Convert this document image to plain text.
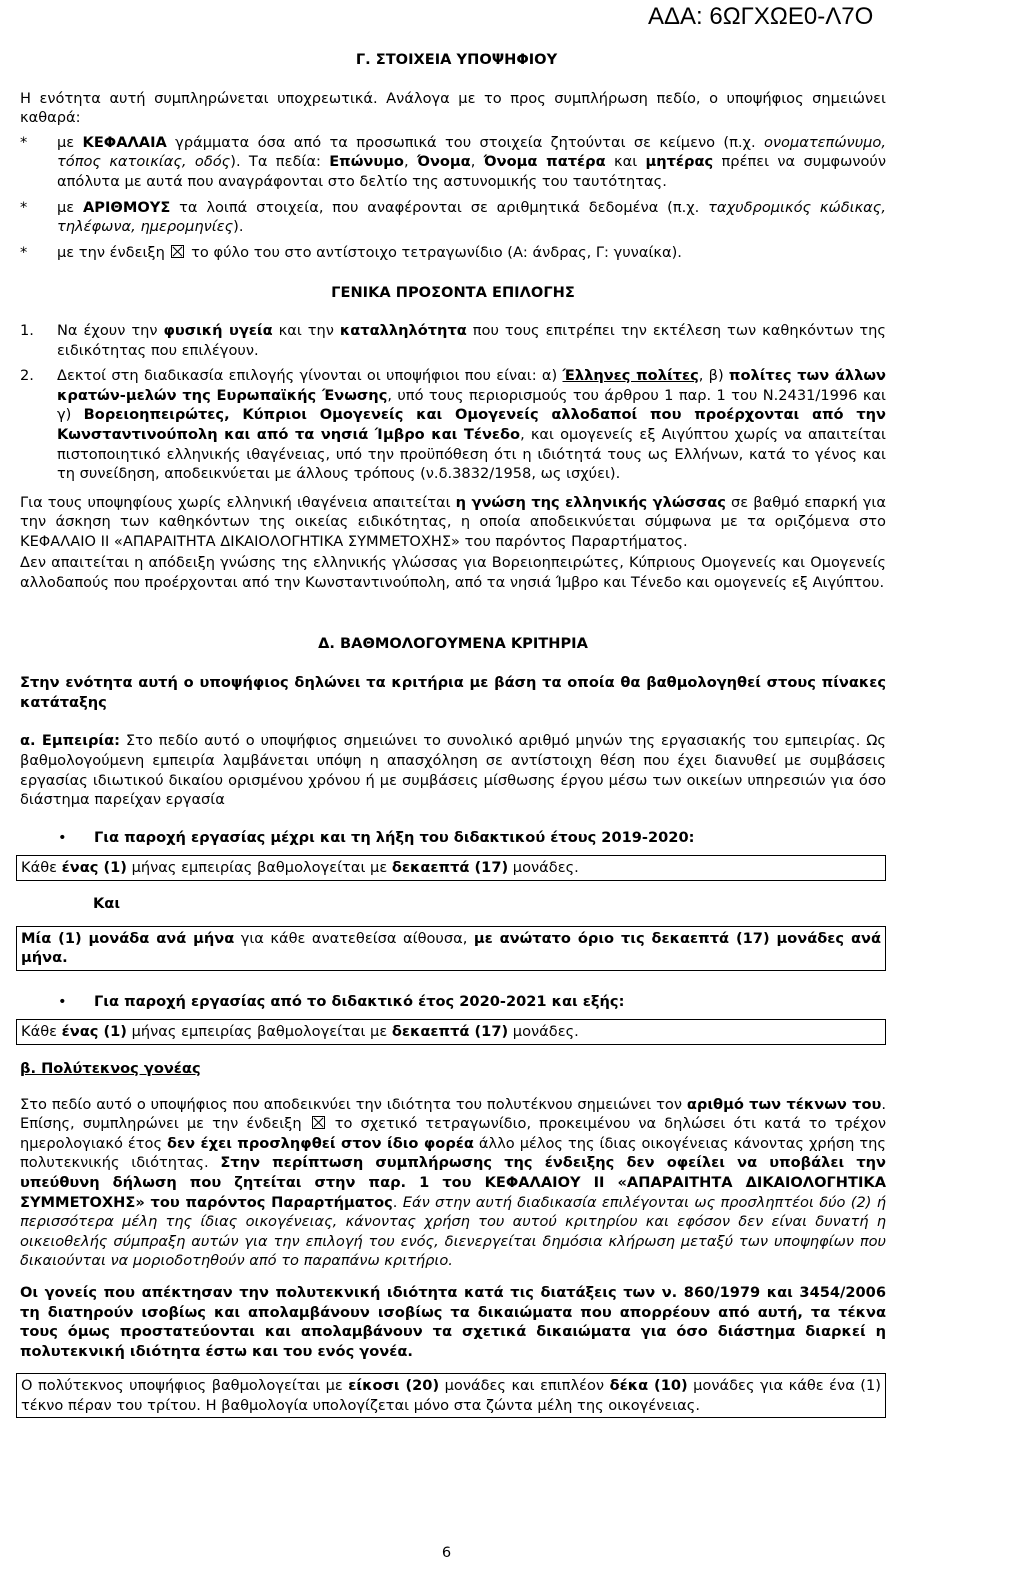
ΑΔΑ: 6ΩΓΧΩΕ0-Λ7Ο

Γ. ΣΤΟΙΧΕΙΑ ΥΠΟΨΗΦΙΟΥ

Η ενότητα αυτή συμπληρώνεται υποχρεωτικά. Ανάλογα με το προς συμπλήρωση πεδίο, ο υποψήφιος σημειώνει καθαρά:

* με ΚΕΦΑΛΑΙΑ γράμματα όσα από τα προσωπικά του στοιχεία ζητούνται σε κείμενο (π.χ. ονοματεπώνυμο, τόπος κατοικίας, οδός). Τα πεδία: Επώνυμο, Όνομα, Όνομα πατέρα και μητέρας πρέπει να συμφωνούν απόλυτα με αυτά που αναγράφονται στο δελτίο της αστυνομικής του ταυτότητας.
* με ΑΡΙΘΜΟΥΣ τα λοιπά στοιχεία, που αναφέρονται σε αριθμητικά δεδομένα (π.χ. ταχυδρομικός κώδικας, τηλέφωνα, ημερομηνίες).
* με την ένδειξη  το φύλο του στο αντίστοιχο τετραγωνίδιο (Α: άνδρας, Γ: γυναίκα).

ΓΕΝΙΚΑ ΠΡΟΣΟΝΤΑ ΕΠΙΛΟΓΗΣ

1. Να έχουν την φυσική υγεία και την καταλληλότητα που τους επιτρέπει την εκτέλεση των καθηκόντων της ειδικότητας που επιλέγουν.
2. Δεκτοί στη διαδικασία επιλογής γίνονται οι υποψήφιοι που είναι: α) Έλληνες πολίτες, β) πολίτες των άλλων κρατών-μελών της Ευρωπαϊκής Ένωσης, υπό τους περιορισμούς του άρθρου 1 παρ. 1 του Ν.2431/1996 και γ) Βορειοηπειρώτες, Κύπριοι Ομογενείς και Ομογενείς αλλοδαποί που προέρχονται από την Κωνσταντινούπολη και από τα νησιά Ίμβρο και Τένεδο, και ομογενείς εξ Αιγύπτου χωρίς να απαιτείται πιστοποιητικό ελληνικής ιθαγένειας, υπό την προϋπόθεση ότι η ιδιότητά τους ως Ελλήνων, κατά το γένος και τη συνείδηση, αποδεικνύεται με άλλους τρόπους (ν.δ.3832/1958, ως ισχύει).

Για τους υποψηφίους χωρίς ελληνική ιθαγένεια απαιτείται η γνώση της ελληνικής γλώσσας σε βαθμό επαρκή για την άσκηση των καθηκόντων της οικείας ειδικότητας, η οποία αποδεικνύεται σύμφωνα με τα οριζόμενα στο ΚΕΦΑΛΑΙΟ ΙΙ «ΑΠΑΡΑΙΤΗΤΑ ΔΙΚΑΙΟΛΟΓΗΤΙΚΑ ΣΥΜΜΕΤΟΧΗΣ» του παρόντος Παραρτήματος.

Δεν απαιτείται η απόδειξη γνώσης της ελληνικής γλώσσας για Βορειοηπειρώτες, Κύπριους Ομογενείς και Ομογενείς αλλοδαπούς που προέρχονται από την Κωνσταντινούπολη, από τα νησιά Ίμβρο και Τένεδο και ομογενείς εξ Αιγύπτου.

Δ. ΒΑΘΜΟΛΟΓΟΥΜΕΝΑ ΚΡΙΤΗΡΙΑ

Στην ενότητα αυτή ο υποψήφιος δηλώνει τα κριτήρια με βάση τα οποία θα βαθμολογηθεί στους πίνακες κατάταξης

α. Εμπειρία: Στο πεδίο αυτό ο υποψήφιος σημειώνει το συνολικό αριθμό μηνών της εργασιακής του εμπειρίας. Ως βαθμολογούμενη εμπειρία λαμβάνεται υπόψη η απασχόληση σε αντίστοιχη θέση που έχει διανυθεί με συμβάσεις εργασίας ιδιωτικού δικαίου ορισμένου χρόνου ή με συμβάσεις μίσθωσης έργου μέσω των οικείων υπηρεσιών για όσο διάστημα παρείχαν εργασία

• Για παροχή εργασίας μέχρι και τη λήξη του διδακτικού έτους 2019-2020:
Κάθε ένας (1) μήνας εμπειρίας βαθμολογείται με δεκαεπτά (17) μονάδες.

Και

Μία (1) μονάδα ανά μήνα για κάθε ανατεθείσα αίθουσα, με ανώτατο όριο τις δεκαεπτά (17) μονάδες ανά μήνα.
• Για παροχή εργασίας από το διδακτικό έτος 2020-2021 και εξής:
Κάθε ένας (1) μήνας εμπειρίας βαθμολογείται με δεκαεπτά (17) μονάδες.

β. Πολύτεκνος γονέας

Στο πεδίο αυτό ο υποψήφιος που αποδεικνύει την ιδιότητα του πολυτέκνου σημειώνει τον αριθμό των τέκνων του. Επίσης, συμπληρώνει με την ένδειξη  το σχετικό τετραγωνίδιο, προκειμένου να δηλώσει ότι κατά το τρέχον ημερολογιακό έτος δεν έχει προσληφθεί στον ίδιο φορέα άλλο μέλος της ίδιας οικογένειας κάνοντας χρήση της πολυτεκνικής ιδιότητας. Στην περίπτωση συμπλήρωσης της ένδειξης δεν οφείλει να υποβάλει την υπεύθυνη δήλωση που ζητείται στην παρ. 1 του ΚΕΦΑΛΑΙΟΥ ΙΙ «ΑΠΑΡΑΙΤΗΤΑ ΔΙΚΑΙΟΛΟΓΗΤΙΚΑ ΣΥΜΜΕΤΟΧΗΣ» του παρόντος Παραρτήματος. Εάν στην αυτή διαδικασία επιλέγονται ως προσληπτέοι δύο (2) ή περισσότερα μέλη της ίδιας οικογένειας, κάνοντας χρήση του αυτού κριτηρίου και εφόσον δεν είναι δυνατή η οικειοθελής σύμπραξη αυτών για την επιλογή του ενός, διενεργείται δημόσια κλήρωση μεταξύ των υποψηφίων που δικαιούνται να μοριοδοτηθούν από το παραπάνω κριτήριο.

Οι γονείς που απέκτησαν την πολυτεκνική ιδιότητα κατά τις διατάξεις των ν. 860/1979 και 3454/2006 τη διατηρούν ισοβίως και απολαμβάνουν ισοβίως τα δικαιώματα που απορρέουν από αυτή, τα τέκνα τους όμως προστατεύονται και απολαμβάνουν τα σχετικά δικαιώματα για όσο διάστημα διαρκεί η πολυτεκνική ιδιότητα έστω και του ενός γονέα.

Ο πολύτεκνος υποψήφιος βαθμολογείται με είκοσι (20) μονάδες και επιπλέον δέκα (10) μονάδες για κάθε ένα (1) τέκνο πέραν του τρίτου. Η βαθμολογία υπολογίζεται μόνο στα ζώντα μέλη της οικογένειας.
6
